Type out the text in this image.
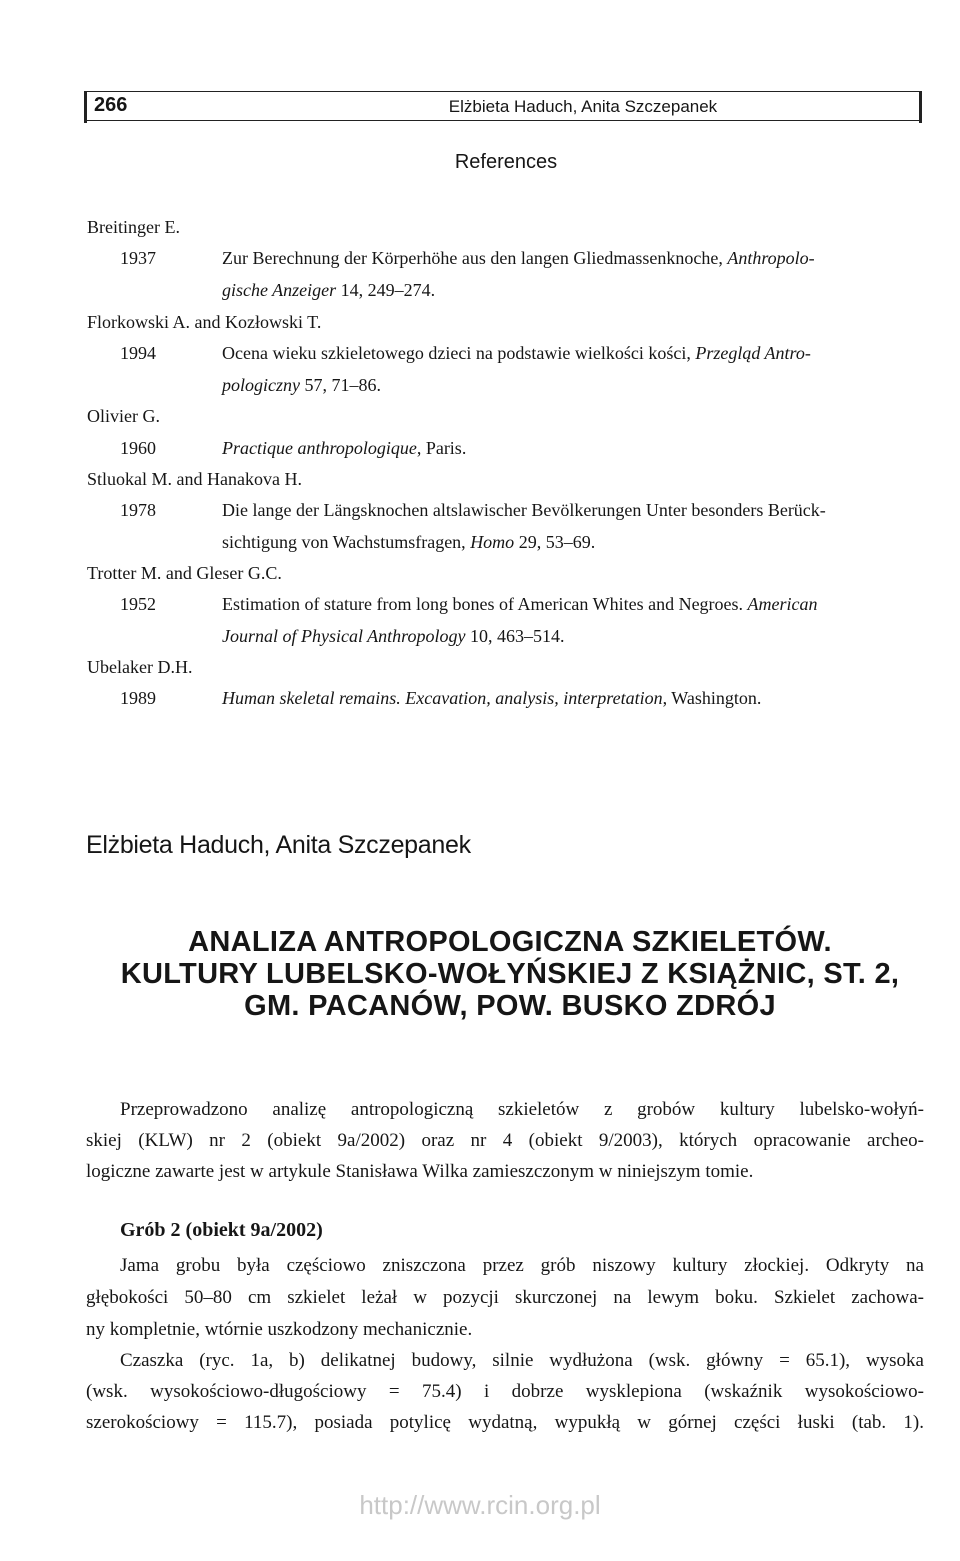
266	Elżbieta Haduch, Anita Szczepanek
References
Breitinger E.
1937	Zur Berechnung der Körperhöhe aus den langen Gliedmassenknoche, Anthropolo-
gische Anzeiger 14, 249–274.
Florkowski A. and Kozłowski T.
1994	Ocena wieku szkieletowego dzieci na podstawie wielkości kości, Przegląd Antro-
pologiczny 57, 71–86.
Olivier G.
1960	Practique anthropologique, Paris.
Stluokal M. and Hanakova H.
1978	Die lange der Längsknochen altslawischer Bevölkerungen Unter besonders Berück-
sichtigung von Wachstumsfragen, Homo 29, 53–69.
Trotter M. and Gleser G.C.
1952	Estimation of stature from long bones of American Whites and Negroes. American
Journal of Physical Anthropology 10, 463–514.
Ubelaker D.H.
1989	Human skeletal remains. Excavation, analysis, interpretation, Washington.
Elżbieta Haduch, Anita Szczepanek
ANALIZA ANTROPOLOGICZNA SZKIELETÓW.
KULTURY LUBELSKO-WOŁYŃSKIEJ Z KSIĄŻNIC, ST. 2,
GM. PACANÓW, POW. BUSKO ZDRÓJ
Przeprowadzono analizę antropologiczną szkieletów z grobów kultury lubelsko-wołyń-
skiej (KLW) nr 2 (obiekt 9a/2002) oraz nr 4 (obiekt 9/2003), których opracowanie archeo-
logiczne zawarte jest w artykule Stanisława Wilka zamieszczonym w niniejszym tomie.
Grób 2 (obiekt 9a/2002)
Jama grobu była częściowo zniszczona przez grób niszowy kultury złockiej. Odkryty na
głębokości 50–80 cm szkielet leżał w pozycji skurczonej na lewym boku. Szkielet zachowa-
ny kompletnie, wtórnie uszkodzony mechanicznie.
Czaszka (ryc. 1a, b) delikatnej budowy, silnie wydłużona (wsk. główny = 65.1), wysoka
(wsk. wysokościowo-długościowy = 75.4) i dobrze wysklepiona (wskaźnik wysokościowo-
szerokościowy = 115.7), posiada potylicę wydatną, wypukłą w górnej części łuski (tab. 1).
http://www.rcin.org.pl
